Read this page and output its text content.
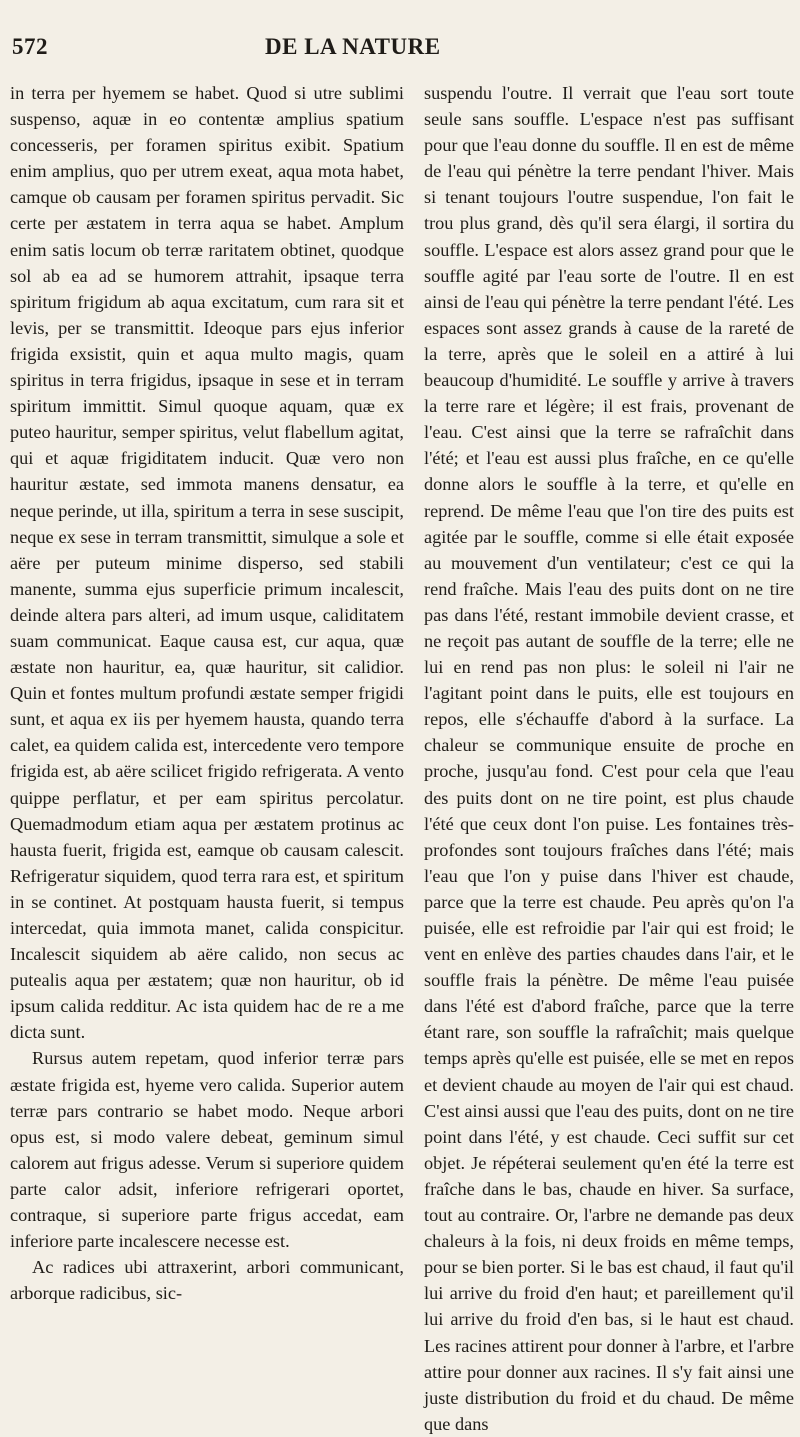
572	DE LA NATURE

in terra per hyemem se habet. Quod si utre sublimi suspenso, aquæ in eo contentæ amplius spatium concesseris, per foramen spiritus exibit. Spatium enim amplius, quo per utrem exeat, aqua mota habet, camque ob causam per foramen spiritus pervadit. Sic certe per æstatem in terra aqua se habet. Amplum enim satis locum ob terræ raritatem obtinet, quodque sol ab ea ad se humorem attrahit, ipsaque terra spiritum frigidum ab aqua excitatum, cum rara sit et levis, per se transmittit. Ideoque pars ejus inferior frigida exsistit, quin et aqua multo magis, quam spiritus in terra frigidus, ipsaque in sese et in terram spiritum immittit. Simul quoque aquam, quæ ex puteo hauritur, semper spiritus, velut flabellum agitat, qui et aquæ frigiditatem inducit. Quæ vero non hauritur æstate, sed immota manens densatur, ea neque perinde, ut illa, spiritum a terra in sese suscipit, neque ex sese in terram transmittit, simulque a sole et aëre per puteum minime disperso, sed stabili manente, summa ejus superficie primum incalescit, deinde altera pars alteri, ad imum usque, caliditatem suam communicat. Eaque causa est, cur aqua, quæ æstate non hauritur, ea, quæ hauritur, sit calidior. Quin et fontes multum profundi æstate semper frigidi sunt, et aqua ex iis per hyemem hausta, quando terra calet, ea quidem calida est, intercedente vero tempore frigida est, ab aëre scilicet frigido refrigerata. A vento quippe perflatur, et per eam spiritus percolatur. Quemadmodum etiam aqua per æstatem protinus ac hausta fuerit, frigida est, eamque ob causam calescit. Refrigeratur siquidem, quod terra rara est, et spiritum in se continet. At postquam hausta fuerit, si tempus intercedat, quia immota manet, calida conspicitur. Incalescit siquidem ab aëre calido, non secus ac putealis aqua per æstatem; quæ non hauritur, ob id ipsum calida redditur. Ac ista quidem hac de re a me dicta sunt.

Rursus autem repetam, quod inferior terræ pars æstate frigida est, hyeme vero calida. Superior autem terræ pars contrario se habet modo. Neque arbori opus est, si modo valere debeat, geminum simul calorem aut frigus adesse. Verum si superiore quidem parte calor adsit, inferiore refrigerari oportet, contraque, si superiore parte frigus accedat, eam inferiore parte incalescere necesse est.

Ac radices ubi attraxerint, arbori communicant, arborque radicibus, sic-

suspendu l'outre. Il verrait que l'eau sort toute seule sans souffle. L'espace n'est pas suffisant pour que l'eau donne du souffle. Il en est de même de l'eau qui pénètre la terre pendant l'hiver. Mais si tenant toujours l'outre suspendue, l'on fait le trou plus grand, dès qu'il sera élargi, il sortira du souffle. L'espace est alors assez grand pour que le souffle agité par l'eau sorte de l'outre. Il en est ainsi de l'eau qui pénètre la terre pendant l'été. Les espaces sont assez grands à cause de la rareté de la terre, après que le soleil en a attiré à lui beaucoup d'humidité. Le souffle y arrive à travers la terre rare et légère; il est frais, provenant de l'eau. C'est ainsi que la terre se rafraîchit dans l'été; et l'eau est aussi plus fraîche, en ce qu'elle donne alors le souffle à la terre, et qu'elle en reprend. De même l'eau que l'on tire des puits est agitée par le souffle, comme si elle était exposée au mouvement d'un ventilateur; c'est ce qui la rend fraîche. Mais l'eau des puits dont on ne tire pas dans l'été, restant immobile devient crasse, et ne reçoit pas autant de souffle de la terre; elle ne lui en rend pas non plus: le soleil ni l'air ne l'agitant point dans le puits, elle est toujours en repos, elle s'échauffe d'abord à la surface. La chaleur se communique ensuite de proche en proche, jusqu'au fond. C'est pour cela que l'eau des puits dont on ne tire point, est plus chaude l'été que ceux dont l'on puise. Les fontaines très-profondes sont toujours fraîches dans l'été; mais l'eau que l'on y puise dans l'hiver est chaude, parce que la terre est chaude. Peu après qu'on l'a puisée, elle est refroidie par l'air qui est froid; le vent en enlève des parties chaudes dans l'air, et le souffle frais la pénètre. De même l'eau puisée dans l'été est d'abord fraîche, parce que la terre étant rare, son souffle la rafraîchit; mais quelque temps après qu'elle est puisée, elle se met en repos et devient chaude au moyen de l'air qui est chaud. C'est ainsi aussi que l'eau des puits, dont on ne tire point dans l'été, y est chaude. Ceci suffit sur cet objet. Je répéterai seulement qu'en été la terre est fraîche dans le bas, chaude en hiver. Sa surface, tout au contraire. Or, l'arbre ne demande pas deux chaleurs à la fois, ni deux froids en même temps, pour se bien porter. Si le bas est chaud, il faut qu'il lui arrive du froid d'en haut; et pareillement qu'il lui arrive du froid d'en bas, si le haut est chaud. Les racines attirent pour donner à l'arbre, et l'arbre attire pour donner aux racines. Il s'y fait ainsi une juste distribution du froid et du chaud. De même que dans
